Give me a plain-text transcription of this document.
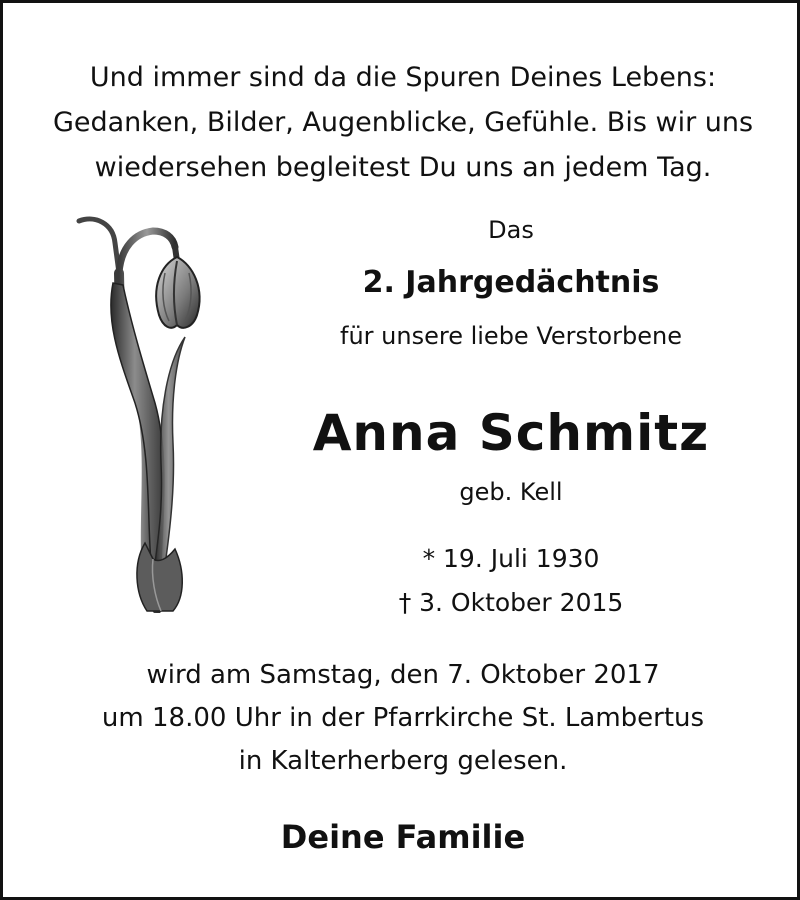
Und immer sind da die Spuren Deines Lebens:
Gedanken, Bilder, Augenblicke, Gefühle. Bis wir uns
wiedersehen begleitest Du uns an jedem Tag.
Das
2. Jahrgedächtnis
für unsere liebe Verstorbene
Anna Schmitz
geb. Kell
* 19. Juli 1930
† 3. Oktober 2015
wird am Samstag, den 7. Oktober 2017
um 18.00 Uhr in der Pfarrkirche St. Lambertus
in Kalterherberg gelesen.
Deine Familie
